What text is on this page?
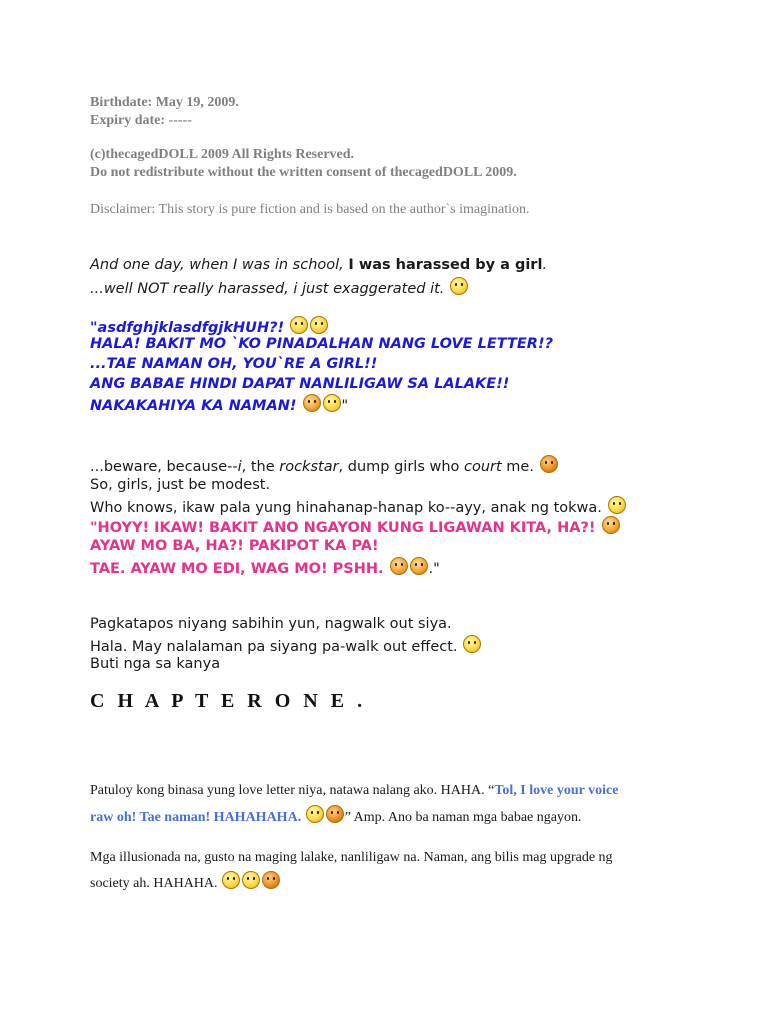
Birthdate: May 19, 2009.
Expiry date: -----
(c)thecagedDOLL 2009 All Rights Reserved.
Do not redistribute without the written consent of thecagedDOLL 2009.
Disclaimer: This story is pure fiction and is based on the author`s imagination.
And one day, when I was in school, I was harassed by a girl.
...well NOT really harassed, i just exaggerated it.
"asdfghjklasdfgjkHUH?!
HALA! BAKIT MO `KO PINADALHAN NANG LOVE LETTER!?
...TAE NAMAN OH, YOU`RE A GIRL!!
ANG BABAE HINDI DAPAT NANLILIGAW SA LALAKE!!
NAKAKAHIYA KA NAMAN!	"
...beware, because--i, the rockstar, dump girls who court me.
So, girls, just be modest.
Who knows, ikaw pala yung hinahanap-hanap ko--ayy, anak ng tokwa.
"HOYY! IKAW! BAKIT ANO NGAYON KUNG LIGAWAN KITA, HA?!
AYAW MO BA, HA?! PAKIPOT KA PA!
TAE. AYAW MO EDI, WAG MO! PSHH.	."
Pagkatapos niyang sabihin yun, nagwalk out siya.
Hala. May nalalaman pa siyang pa-walk out effect.
Buti nga sa kanya
C H A P T E R O N E .
Patuloy kong binasa yung love letter niya, natawa nalang ako. HAHA. “Tol, I love your voice
raw oh! Tae naman! HAHAHAHA.	” Amp. Ano ba naman mga babae ngayon.
Mga illusionada na, gusto na maging lalake, nanliligaw na. Naman, ang bilis mag upgrade ng
society ah. HAHAHA.
